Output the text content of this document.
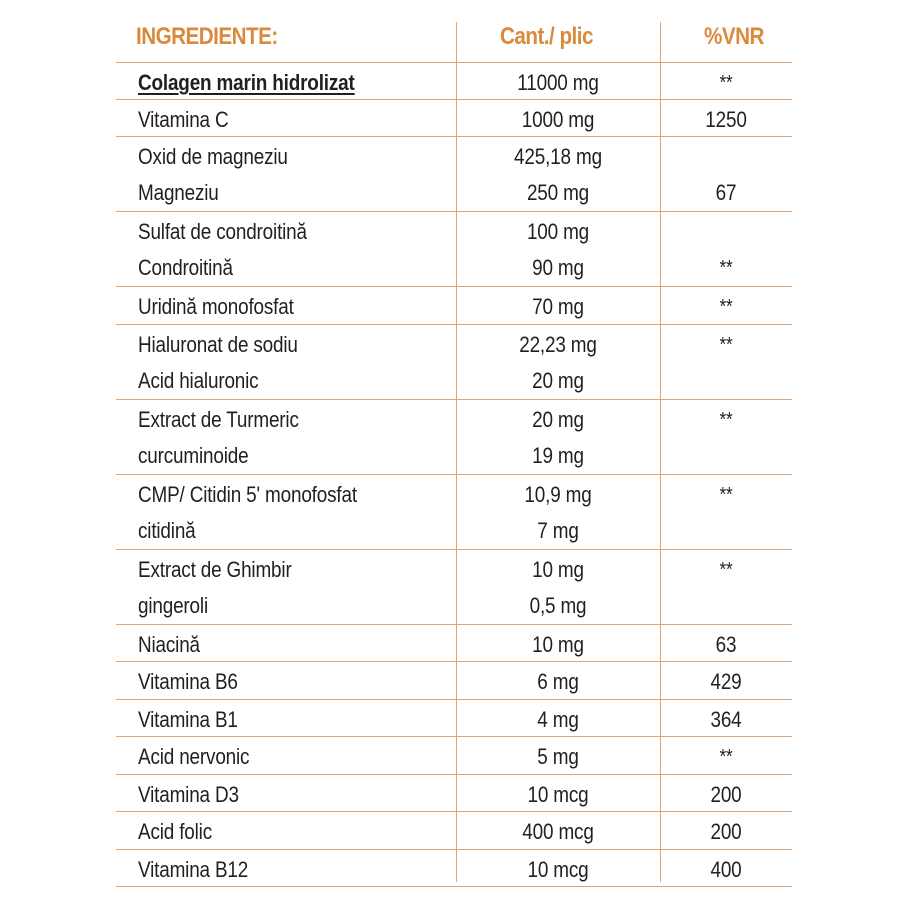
INGREDIENTE:	Cant./ plic	%VNR
Colagen marin hidrolizat	11000 mg	**
Vitamina C	1000 mg	1250
Oxid de magneziu	425,18 mg
Magneziu	250 mg	67
Sulfat de condroitină	100 mg
Condroitină	90 mg	**
Uridină monofosfat	70 mg	**
Hialuronat de sodiu	22,23 mg	**
Acid hialuronic	20 mg
Extract de Turmeric	20 mg	**
curcuminoide	19 mg
CMP/ Citidin 5' monofosfat	10,9 mg	**
citidină	7 mg
Extract de Ghimbir	10 mg	**
gingeroli	0,5 mg
Niacină	10 mg	63
Vitamina B6	6 mg	429
Vitamina B1	4 mg	364
Acid nervonic	5 mg	**
Vitamina D3	10 mcg	200
Acid folic	400 mcg	200
Vitamina B12	10 mcg	400
